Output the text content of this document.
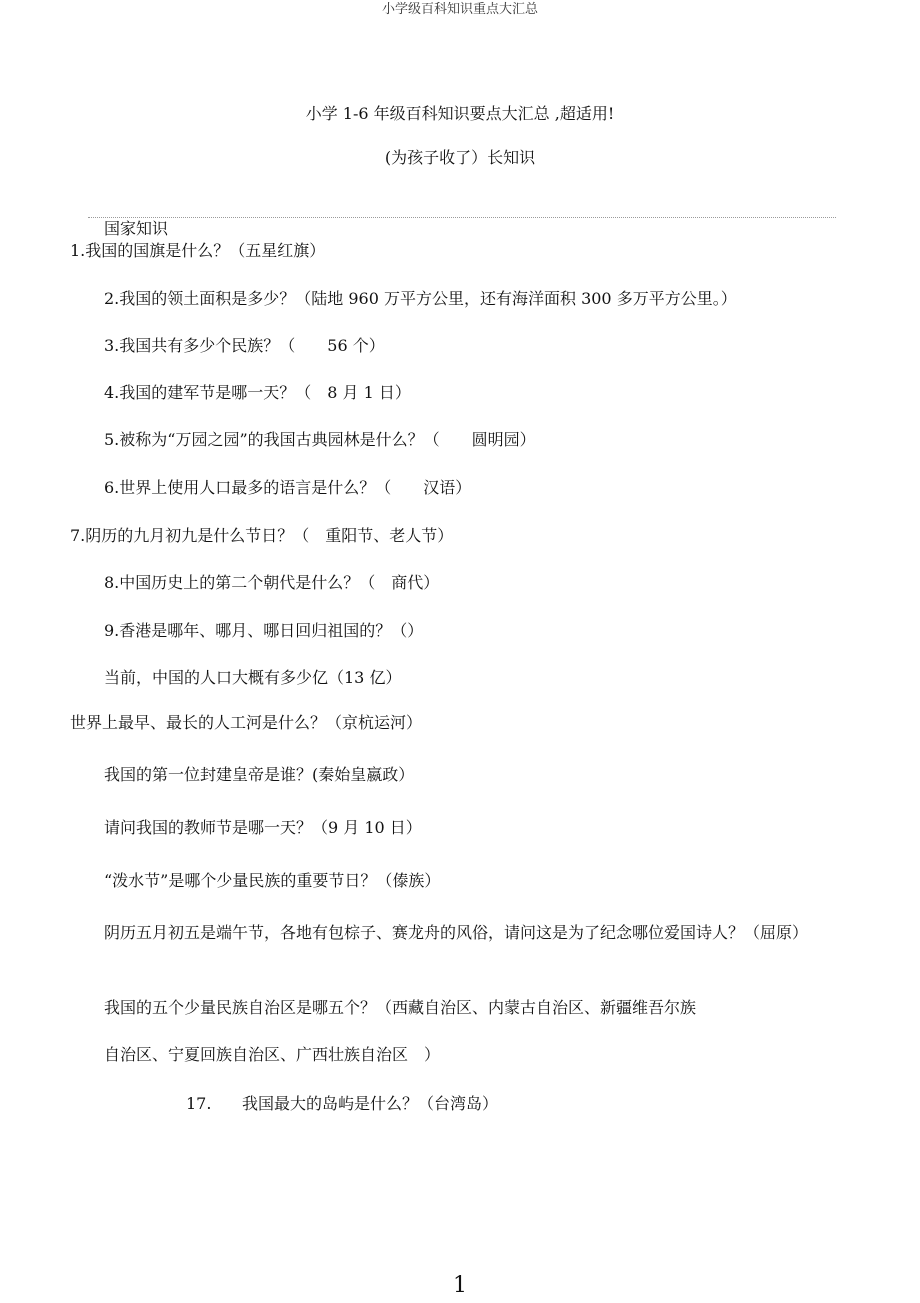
小学级百科知识重点大汇总
小学 1-6 年级百科知识要点大汇总 ,超适用!
(为孩子收了）长知识
国家知识
1.我国的国旗是什么？（五星红旗）
2.我国的领土面积是多少？（陆地 960 万平方公里，还有海洋面积 300 多万平方公里。）
3.我国共有多少个民族？（　　56 个）
4.我国的建军节是哪一天？（　8 月 1 日）
5.被称为“万园之园”的我国古典园林是什么？（　　圆明园）
6.世界上使用人口最多的语言是什么？（　　汉语）
7.阴历的九月初九是什么节日？（　重阳节、老人节）
8.中国历史上的第二个朝代是什么？（　商代）
9.香港是哪年、哪月、哪日回归祖国的？（）
当前，中国的人口大概有多少亿（13 亿）
世界上最早、最长的人工河是什么？（京杭运河）
我国的第一位封建皇帝是谁？(秦始皇嬴政）
请问我国的教师节是哪一天？（9 月 10 日）
“泼水节”是哪个少量民族的重要节日？（傣族）
阴历五月初五是端午节，各地有包棕子、赛龙舟的风俗，请问这是为了纪念哪位爱国诗人？（屈原）
我国的五个少量民族自治区是哪五个？（西藏自治区、内蒙古自治区、新疆维吾尔族
自治区、宁夏回族自治区、广西壮族自治区　）
17. 我国最大的岛屿是什么？（台湾岛）
1
